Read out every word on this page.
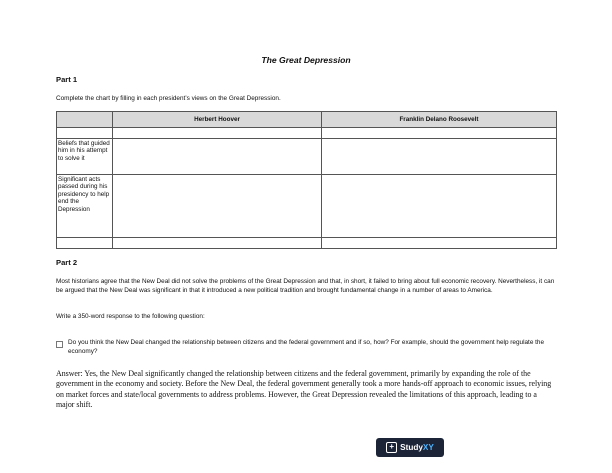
The Great Depression
Part 1
Complete the chart by filling in each president’s views on the Great Depression.
	Herbert Hoover	Franklin Delano Roosevelt

Beliefs that guided him in his attempt to solve it		
Significant acts passed during his presidency to help end the Depression		

Part 2
Most historians agree that the New Deal did not solve the problems of the Great Depression and that, in short, it failed to bring about full economic recovery. Nevertheless, it can be argued that the New Deal was significant in that it introduced a new political tradition and brought fundamental change in a number of areas to America.
Write a 350-word response to the following question:
Do you think the New Deal changed the relationship between citizens and the federal government and if so, how? For example, should the government help regulate the economy?
Answer: Yes, the New Deal significantly changed the relationship between citizens and the federal government, primarily by expanding the role of the government in the economy and society. Before the New Deal, the federal government generally took a more hands-off approach to economic issues, relying on market forces and state/local governments to address problems. However, the Great Depression revealed the limitations of this approach, leading to a major shift.
+ StudyXY
